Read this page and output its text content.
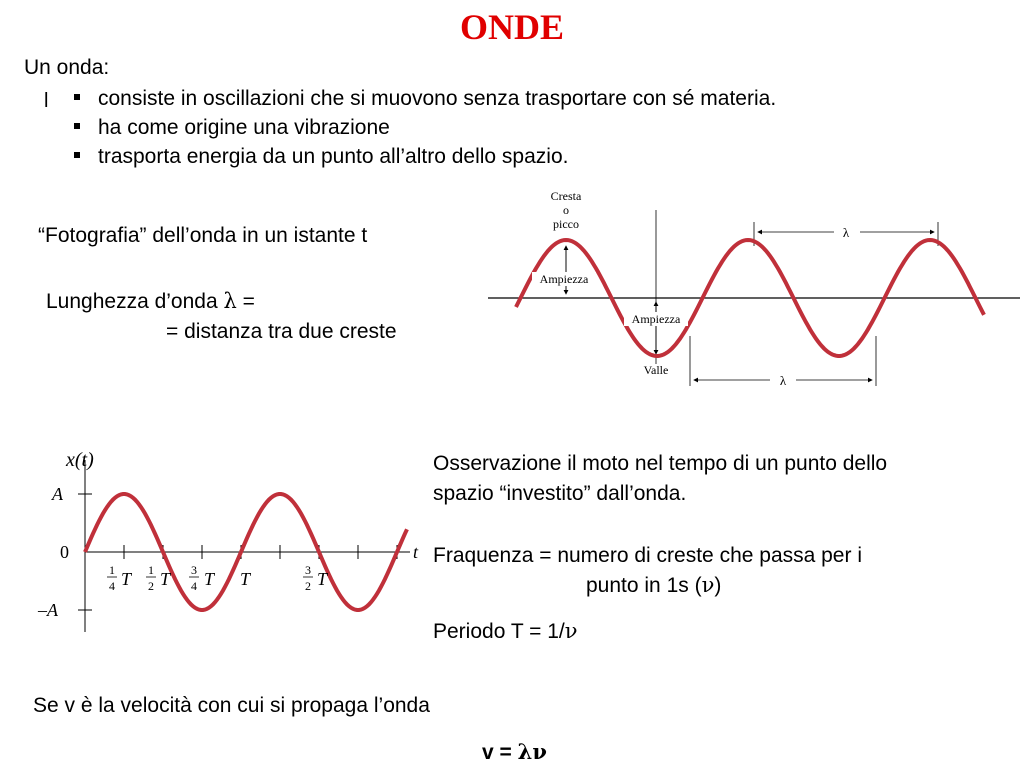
ONDE
Un onda:
l	consiste in oscillazioni che si muovono senza trasportare con sé materia.
ha come origine una vibrazione
trasporta energia da un punto all’altro dello spazio.
“Fotografia” dell’onda in un istante t
Lunghezza d’onda λ =
= distanza tra due creste
Cresta
o
picco
Ampiezza
Ampiezza
Valle
λ
λ
x(t)
t
A
0
–A
1
4 T 1
2 T 3
4 T T	3
2 T
Osservazione il moto nel tempo di un punto dello
spazio “investito” dall’onda.
Fraquenza = numero di creste che passa per i
punto in 1s (ν)
Periodo T = 1/ν
Se v è la velocità con cui si propaga l’onda
v = λν
